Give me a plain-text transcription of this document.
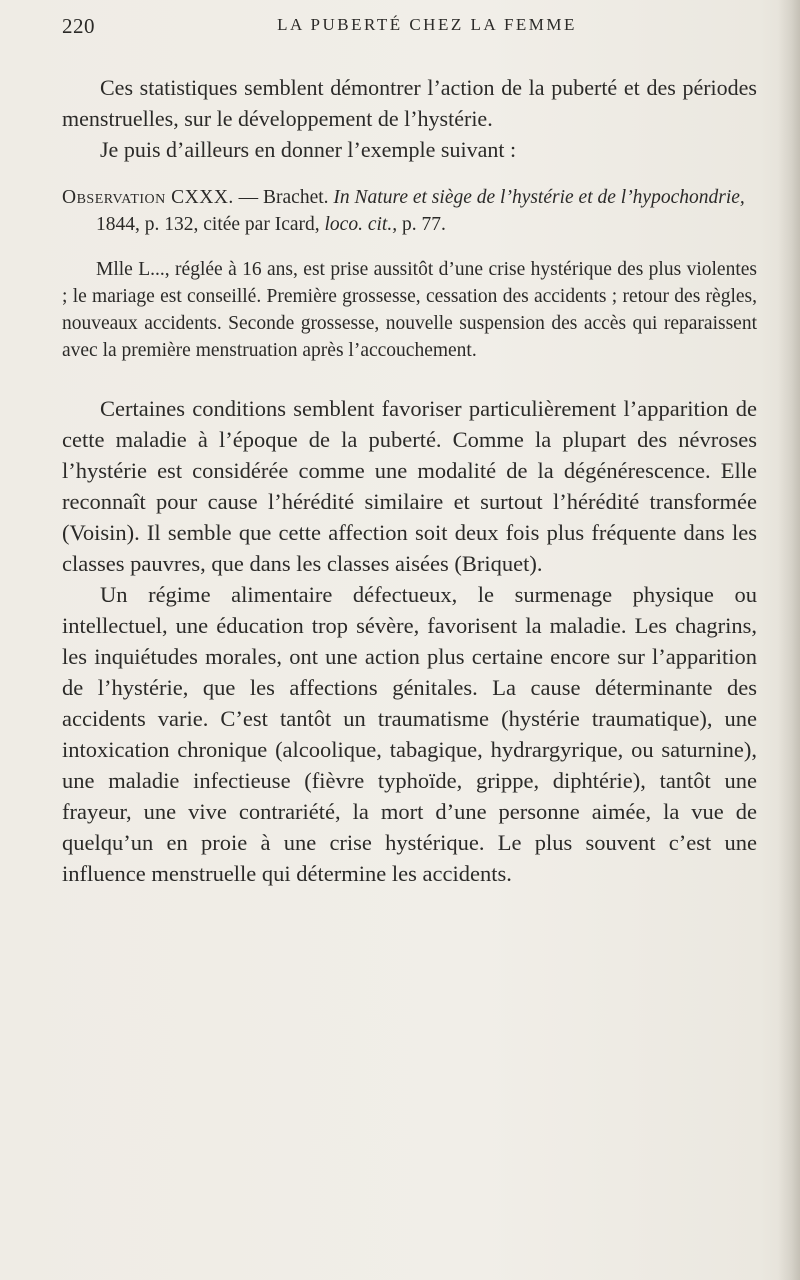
220	LA PUBERTÉ CHEZ LA FEMME

Ces statistiques semblent démontrer l’action de la puberté et des périodes menstruelles, sur le développement de l’hystérie.

Je puis d’ailleurs en donner l’exemple suivant :

Observation CXXX. — Brachet. In Nature et siège de l’hystérie et de l’hypochondrie, 1844, p. 132, citée par Icard, loco. cit., p. 77.

Mlle L..., réglée à 16 ans, est prise aussitôt d’une crise hystérique des plus violentes ; le mariage est conseillé. Première grossesse, cessation des accidents ; retour des règles, nouveaux accidents. Seconde grossesse, nouvelle suspension des accès qui reparaissent avec la première menstruation après l’accouchement.

Certaines conditions semblent favoriser particulièrement l’apparition de cette maladie à l’époque de la puberté. Comme la plupart des névroses l’hystérie est considérée comme une modalité de la dégénérescence. Elle reconnaît pour cause l’hérédité similaire et surtout l’hérédité transformée (Voisin). Il semble que cette affection soit deux fois plus fréquente dans les classes pauvres, que dans les classes aisées (Briquet).

Un régime alimentaire défectueux, le surmenage physique ou intellectuel, une éducation trop sévère, favorisent la maladie. Les chagrins, les inquiétudes morales, ont une action plus certaine encore sur l’apparition de l’hystérie, que les affections génitales. La cause déterminante des accidents varie. C’est tantôt un traumatisme (hystérie traumatique), une intoxication chronique (alcoolique, tabagique, hydrargyrique, ou saturnine), une maladie infectieuse (fièvre typhoïde, grippe, diphtérie), tantôt une frayeur, une vive contrariété, la mort d’une personne aimée, la vue de quelqu’un en proie à une crise hystérique. Le plus souvent c’est une influence menstruelle qui détermine les accidents.
